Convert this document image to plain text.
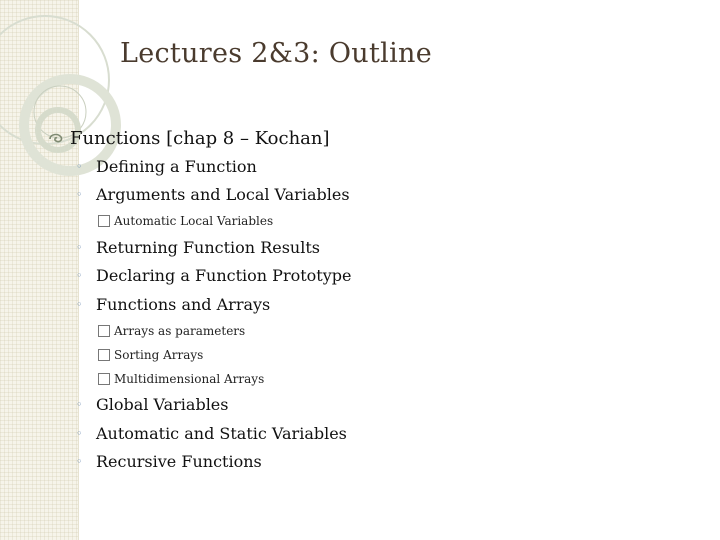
Lectures 2&3: Outline
Functions [chap 8 – Kochan]
◦ Defining a Function
◦ Arguments and Local Variables
Automatic Local Variables
◦ Returning Function Results
◦ Declaring a Function Prototype
◦ Functions and Arrays
Arrays as parameters
Sorting Arrays
Multidimensional Arrays
◦ Global Variables
◦ Automatic and Static Variables
◦ Recursive Functions
